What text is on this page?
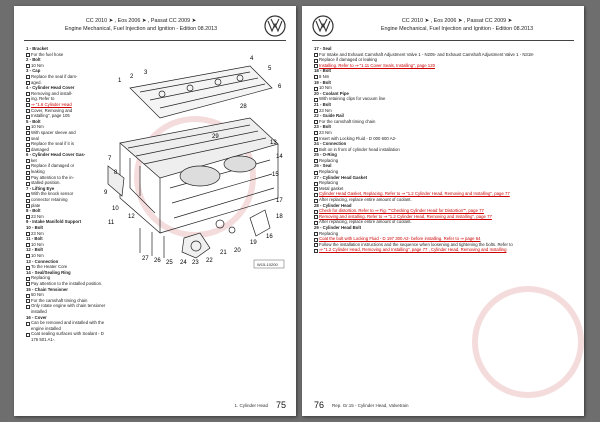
CC 2010 ➤ , Eos 2006 ➤ , Passat CC 2009 ➤
Engine Mechanical, Fuel Injection and Ignition - Edition 08.2013
1 - Bracket
For the fuel hose
2 - Bolt
10 Nm
3 - Cap
Replace the seal if dam-
aged.
4 - Cylinder Head Cover
Removing and install-
ing. Refer to
⇒ "1.6 Cylinder Head
Cover, Removing and
Installing", page 105
5 - Bolt
10 Nm
With spacer sleeve and
seal
Replace the seal if it is
damaged
6 - Cylinder Head Cover Gas-
ket
Replace if damaged or
leaking
Pay attention to the in-
stalled position.
7 - Lifting Eye
With the knock sensor
connector retaining
plate
8 - Bolt
23 Nm
9 - Intake Manifold Support
10 - Bolt
23 Nm
11 - Bolt
10 Nm
12 - Bolt
10 Nm
13 - Connection
To the Heater Core
14 - Seal/Sealing Ring
Replacing
Pay attention to the installed position.
15 - Chain Tensioner
50 Nm
For the camshaft timing chain
Only rotate engine with chain tensioner installed
16 - Cover
Can be removed and installed with the engine installed
Coat sealing surfaces with Sealant - D 176 501 A1-.
1
2
3
4
5
6
7
8
9
10
11
12
13
14
15
16
17
18
19
20
21
22
23
24
25
26
27
28
29
W15-10200
1. Cylinder Head 75
CC 2010 ➤ , Eos 2006 ➤ , Passat CC 2009 ➤
Engine Mechanical, Fuel Injection and Ignition - Edition 08.2013
17 - Seal
For Intake and Exhaust Camshaft Adjustment Valve 1 - N205- and Exhaust Camshaft Adjustment Valve 1 - N318-
Replace if damaged or leaking
Installing. Refer to ⇒ "1.11 Cover Seals, Installing", page 120
18 - Bolt
8 Nm
19 - Bolt
10 Nm
20 - Coolant Pipe
With retaining clips for vacuum line
21 - Bolt
23 Nm
22 - Guide Rail
For the camshaft timing chain
23 - Bolt
23 Nm
Insert with Locking Fluid - D 000 600 A2-
24 - Connection
Bolt on in front of cylinder head installation
25 - O-Ring
Replacing
26 - Seal
Replacing
27 - Cylinder Head Gasket
Replacing
Metal gasket
Cylinder Head Gasket, Replacing. Refer to ⇒ "1.2 Cylinder Head, Removing and Installing", page 77
After replacing, replace entire amount of coolant.
28 - Cylinder Head
Check for distortion. Refer to ⇒ Fig. ""Checking Cylinder Head for Distortion"", page 77
Removing and installing. Refer to ⇒ "1.2 Cylinder Head, Removing and Installing", page 77
After replacing, replace entire amount of coolant.
29 - Cylinder Head Bolt
Replacing
Coat the bolt with Locking Fluid - D 197 300 A2- before installing. Refer to ⇒ page 64
Follow the installation instructions and the sequence when loosening and tightening the bolts. Refer to
⇒ "1.2 Cylinder Head, Removing and Installing", page 77 , Cylinder Head, Removing and Installing
76 Rep. Gr.15 - Cylinder Head, Valvetrain
